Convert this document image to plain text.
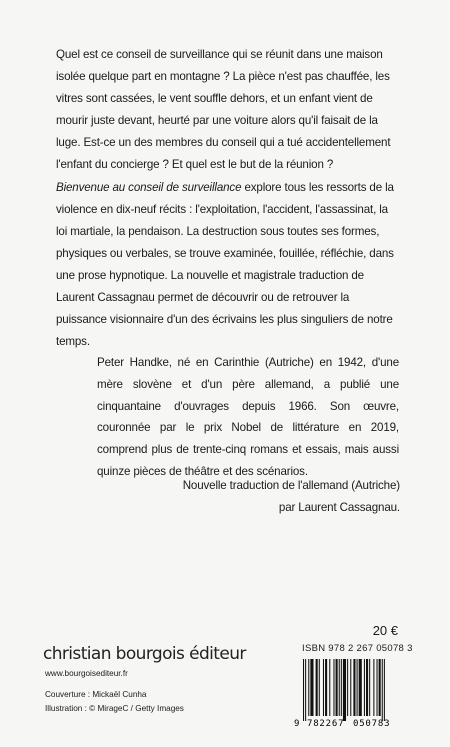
Quel est ce conseil de surveillance qui se réunit dans une maison isolée quelque part en montagne ? La pièce n'est pas chauffée, les vitres sont cassées, le vent souffle dehors, et un enfant vient de mourir juste devant, heurté par une voiture alors qu'il faisait de la luge. Est-ce un des membres du conseil qui a tué accidentellement l'enfant du concierge ? Et quel est le but de la réunion ?
Bienvenue au conseil de surveillance explore tous les ressorts de la violence en dix-neuf récits : l'exploitation, l'accident, l'assassinat, la loi martiale, la pendaison. La destruction sous toutes ses formes, physiques ou verbales, se trouve examinée, fouillée, réfléchie, dans une prose hypnotique. La nouvelle et magistrale traduction de Laurent Cassagnau permet de découvrir ou de retrouver la puissance visionnaire d'un des écrivains les plus singuliers de notre temps.
Peter Handke, né en Carinthie (Autriche) en 1942, d'une mère slovène et d'un père allemand, a publié une cinquantaine d'ouvrages depuis 1966. Son œuvre, couronnée par le prix Nobel de littérature en 2019, comprend plus de trente-cinq romans et essais, mais aussi quinze pièces de théâtre et des scénarios.
Nouvelle traduction de l'allemand (Autriche)
par Laurent Cassagnau.
20 €
christian bourgois éditeur
www.bourgoisediteur.fr
Couverture : Mickaël Cunha
Illustration : © MirageC / Getty Images
ISBN 978 2 267 05078 3
9 782267 050783
